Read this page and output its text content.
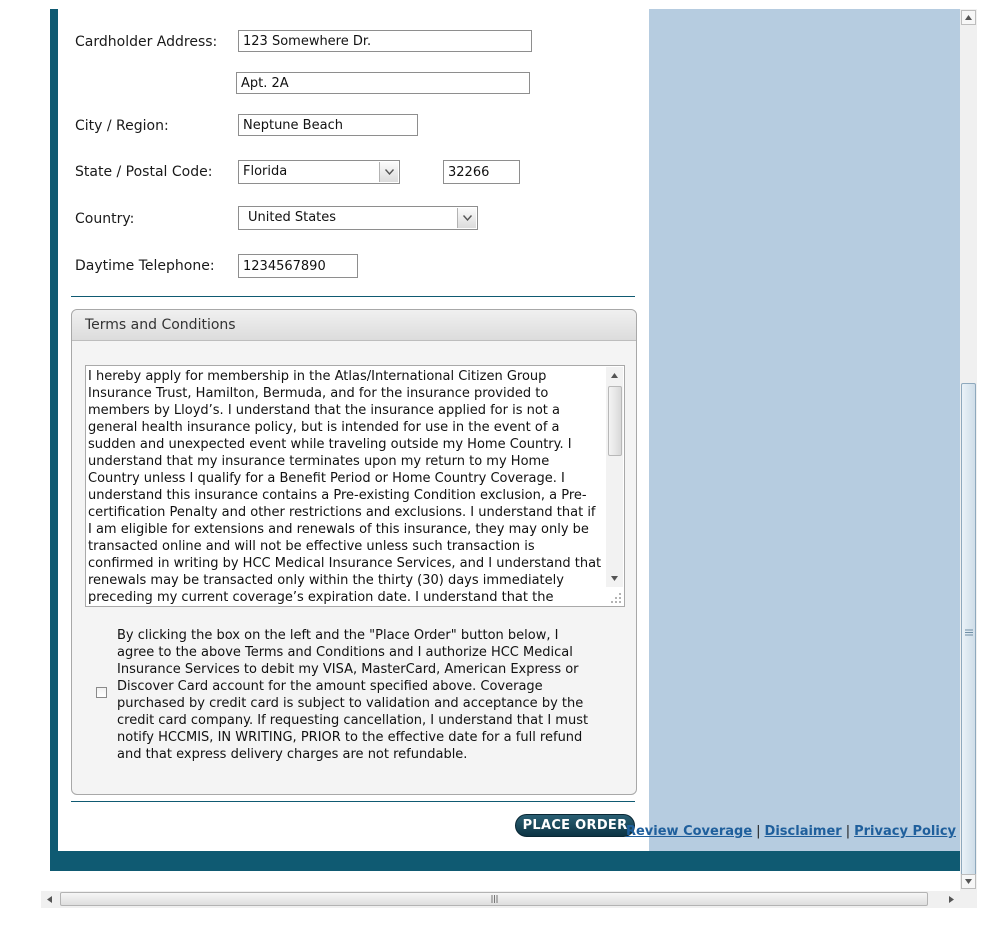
Cardholder Address:
123 Somewhere Dr.
Apt. 2A
City / Region:
Neptune Beach
State / Postal Code:	Florida
32266
Country:	United States
Daytime Telephone:
1234567890
Terms and Conditions

I hereby apply for membership in the Atlas/International Citizen Group Insurance Trust, Hamilton, Bermuda, and for the insurance provided to members by Lloyd’s. I understand that the insurance applied for is not a general health insurance policy, but is intended for use in the event of a sudden and unexpected event while traveling outside my Home Country. I understand that my insurance terminates upon my return to my Home Country unless I qualify for a Benefit Period or Home Country Coverage. I understand this insurance contains a Pre-existing Condition exclusion, a Pre-certification Penalty and other restrictions and exclusions. I understand that if I am eligible for extensions and renewals of this insurance, they may only be transacted online and will not be effective unless such transaction is confirmed in writing by HCC Medical Insurance Services, and I understand that renewals may be transacted only within the thirty (30) days immediately preceding my current coverage’s expiration date. I understand that the

By clicking the box on the left and the "Place Order" button below, I agree to the above Terms and Conditions and I authorize HCC Medical Insurance Services to debit my VISA, MasterCard, American Express or Discover Card account for the amount specified above. Coverage purchased by credit card is subject to validation and acceptance by the credit card company. If requesting cancellation, I understand that I must notify HCCMIS, IN WRITING, PRIOR to the effective date for a full refund and that express delivery charges are not refundable.
PLACE ORDER
Review Coverage | Disclaimer | Privacy Policy
